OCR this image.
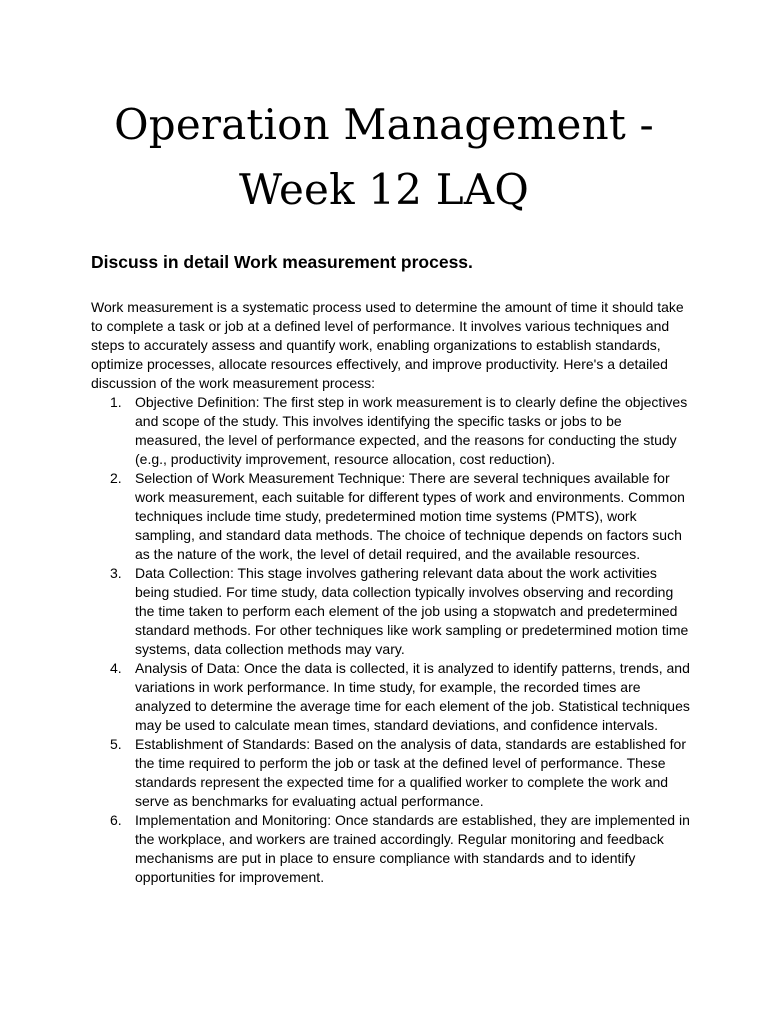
Operation Management - Week 12 LAQ
Discuss in detail Work measurement process.

Work measurement is a systematic process used to determine the amount of time it should take to complete a task or job at a defined level of performance. It involves various techniques and steps to accurately assess and quantify work, enabling organizations to establish standards, optimize processes, allocate resources effectively, and improve productivity. Here's a detailed discussion of the work measurement process:

1. Objective Definition: The first step in work measurement is to clearly define the objectives and scope of the study. This involves identifying the specific tasks or jobs to be measured, the level of performance expected, and the reasons for conducting the study (e.g., productivity improvement, resource allocation, cost reduction).
2. Selection of Work Measurement Technique: There are several techniques available for work measurement, each suitable for different types of work and environments. Common techniques include time study, predetermined motion time systems (PMTS), work sampling, and standard data methods. The choice of technique depends on factors such as the nature of the work, the level of detail required, and the available resources.
3. Data Collection: This stage involves gathering relevant data about the work activities being studied. For time study, data collection typically involves observing and recording the time taken to perform each element of the job using a stopwatch and predetermined standard methods. For other techniques like work sampling or predetermined motion time systems, data collection methods may vary.
4. Analysis of Data: Once the data is collected, it is analyzed to identify patterns, trends, and variations in work performance. In time study, for example, the recorded times are analyzed to determine the average time for each element of the job. Statistical techniques may be used to calculate mean times, standard deviations, and confidence intervals.
5. Establishment of Standards: Based on the analysis of data, standards are established for the time required to perform the job or task at the defined level of performance. These standards represent the expected time for a qualified worker to complete the work and serve as benchmarks for evaluating actual performance.
6. Implementation and Monitoring: Once standards are established, they are implemented in the workplace, and workers are trained accordingly. Regular monitoring and feedback mechanisms are put in place to ensure compliance with standards and to identify opportunities for improvement.
